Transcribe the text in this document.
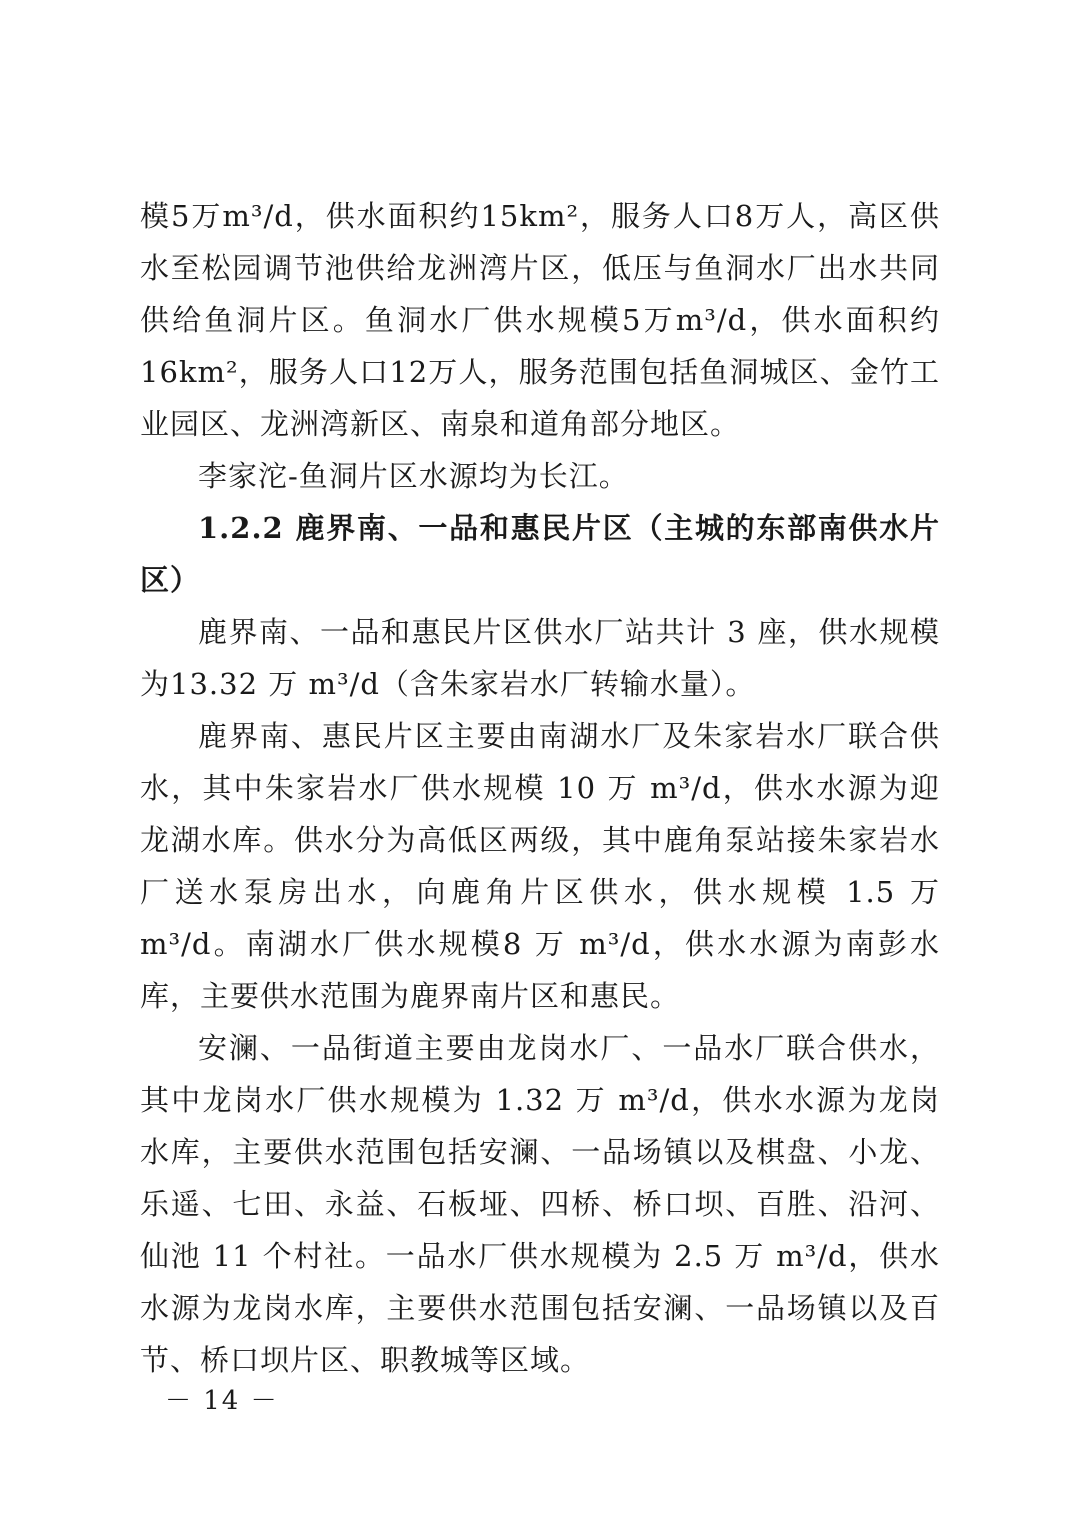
模5万m³/d，供水面积约15km²，服务人口8万人，高区供水至松园调节池供给龙洲湾片区，低压与鱼洞水厂出水共同供给鱼洞片区。鱼洞水厂供水规模5万m³/d，供水面积约16km²，服务人口12万人，服务范围包括鱼洞城区、金竹工业园区、龙洲湾新区、南泉和道角部分地区。

李家沱-鱼洞片区水源均为长江。

1.2.2 鹿界南、一品和惠民片区（主城的东部南供水片区）

鹿界南、一品和惠民片区供水厂站共计 3 座，供水规模为13.32 万 m³/d（含朱家岩水厂转输水量）。

鹿界南、惠民片区主要由南湖水厂及朱家岩水厂联合供水，其中朱家岩水厂供水规模 10 万 m³/d，供水水源为迎龙湖水库。供水分为高低区两级，其中鹿角泵站接朱家岩水厂送水泵房出水，向鹿角片区供水，供水规模 1.5 万 m³/d。南湖水厂供水规模8 万 m³/d，供水水源为南彭水库，主要供水范围为鹿界南片区和惠民。

安澜、一品街道主要由龙岗水厂、一品水厂联合供水，其中龙岗水厂供水规模为 1.32 万 m³/d，供水水源为龙岗水库，主要供水范围包括安澜、一品场镇以及棋盘、小龙、乐遥、七田、永益、石板垭、四桥、桥口坝、百胜、沿河、仙池 11 个村社。一品水厂供水规模为 2.5 万 m³/d，供水水源为龙岗水库，主要供水范围包括安澜、一品场镇以及百节、桥口坝片区、职教城等区域。

－ 14 －
